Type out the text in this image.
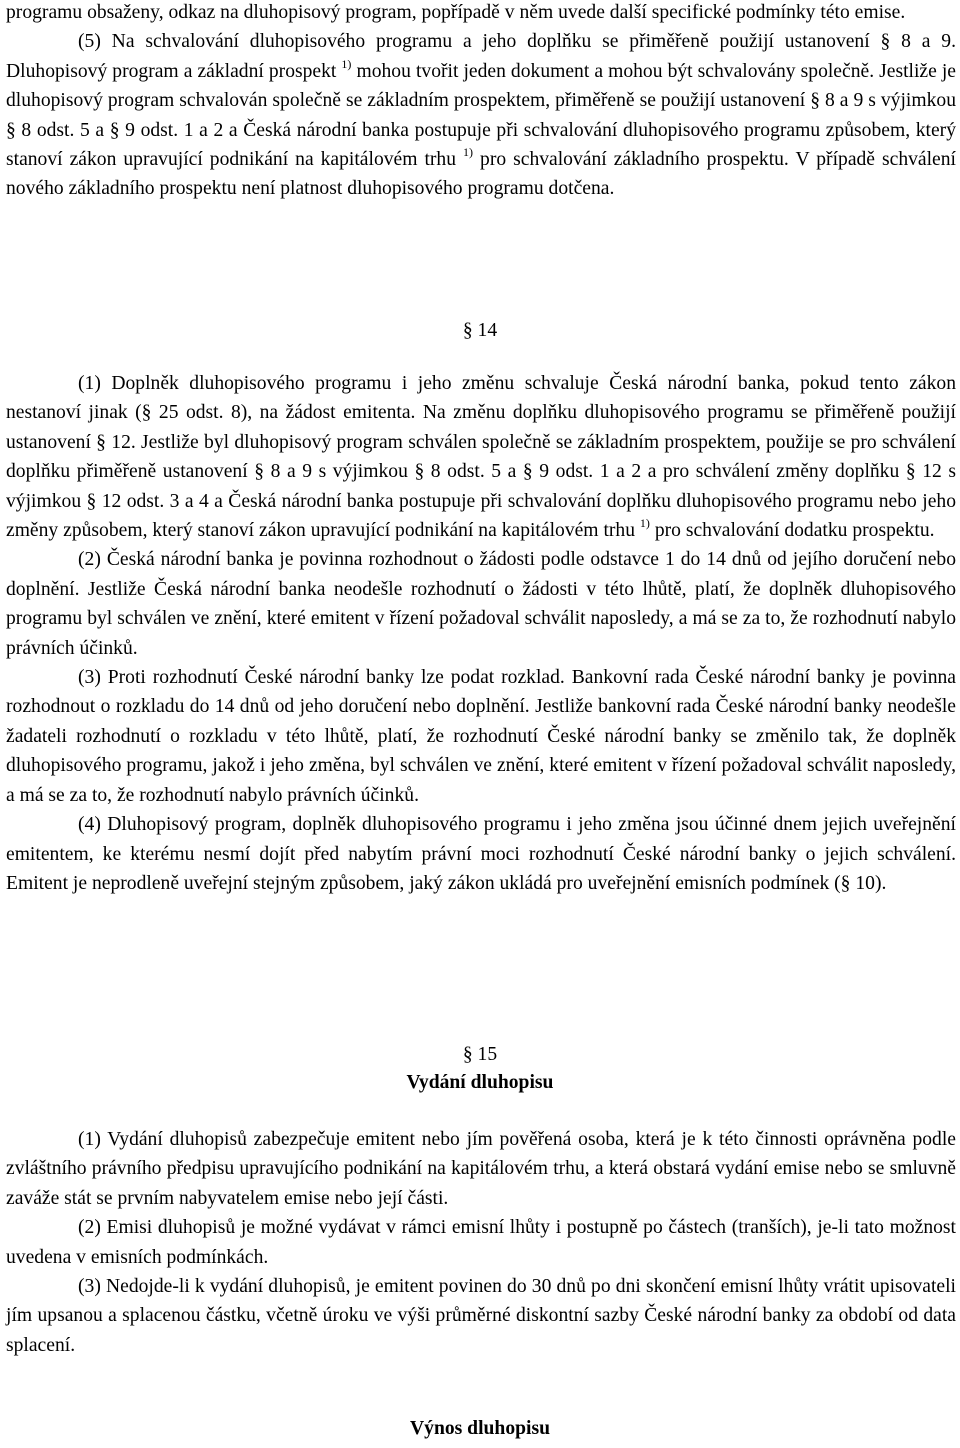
programu obsaženy, odkaz na dluhopisový program, popřípadě v něm uvede další specifické podmínky této emise.

(5) Na schvalování dluhopisového programu a jeho doplňku se přiměřeně použijí ustanovení § 8 a 9. Dluhopisový program a základní prospekt $^{1)}$ mohou tvořit jeden dokument a mohou být schvalovány společně. Jestliže je dluhopisový program schvalován společně se základním prospektem, přiměřeně se použijí ustanovení § 8 a 9 s výjimkou § 8 odst. 5 a § 9 odst. 1 a 2 a Česká národní banka postupuje při schvalování dluhopisového programu způsobem, který stanoví zákon upravující podnikání na kapitálovém trhu $^{1)}$ pro schvalování základního prospektu. V případě schválení nového základního prospektu není platnost dluhopisového programu dotčena.

§ 14

(1) Doplněk dluhopisového programu i jeho změnu schvaluje Česká národní banka, pokud tento zákon nestanoví jinak (§ 25 odst. 8), na žádost emitenta. Na změnu doplňku dluhopisového programu se přiměřeně použijí ustanovení § 12. Jestliže byl dluhopisový program schválen společně se základním prospektem, použije se pro schválení doplňku přiměřeně ustanovení § 8 a 9 s výjimkou § 8 odst. 5 a § 9 odst. 1 a 2 a pro schválení změny doplňku § 12 s výjimkou § 12 odst. 3 a 4 a Česká národní banka postupuje při schvalování doplňku dluhopisového programu nebo jeho změny způsobem, který stanoví zákon upravující podnikání na kapitálovém trhu $^{1)}$ pro schvalování dodatku prospektu.

(2) Česká národní banka je povinna rozhodnout o žádosti podle odstavce 1 do 14 dnů od jejího doručení nebo doplnění. Jestliže Česká národní banka neodešle rozhodnutí o žádosti v této lhůtě, platí, že doplněk dluhopisového programu byl schválen ve znění, které emitent v řízení požadoval schválit naposledy, a má se za to, že rozhodnutí nabylo právních účinků.

(3) Proti rozhodnutí České národní banky lze podat rozklad. Bankovní rada České národní banky je povinna rozhodnout o rozkladu do 14 dnů od jeho doručení nebo doplnění. Jestliže bankovní rada České národní banky neodešle žadateli rozhodnutí o rozkladu v této lhůtě, platí, že rozhodnutí České národní banky se změnilo tak, že doplněk dluhopisového programu, jakož i jeho změna, byl schválen ve znění, které emitent v řízení požadoval schválit naposledy, a má se za to, že rozhodnutí nabylo právních účinků.

(4) Dluhopisový program, doplněk dluhopisového programu i jeho změna jsou účinné dnem jejich uveřejnění emitentem, ke kterému nesmí dojít před nabytím právní moci rozhodnutí České národní banky o jejich schválení. Emitent je neprodleně uveřejní stejným způsobem, jaký zákon ukládá pro uveřejnění emisních podmínek (§ 10).

§ 15

Vydání dluhopisu

(1) Vydání dluhopisů zabezpečuje emitent nebo jím pověřená osoba, která je k této činnosti oprávněna podle zvláštního právního předpisu upravujícího podnikání na kapitálovém trhu, a která obstará vydání emise nebo se smluvně zaváže stát se prvním nabyvatelem emise nebo její části.

(2) Emisi dluhopisů je možné vydávat v rámci emisní lhůty i postupně po částech (tranších), je-li tato možnost uvedena v emisních podmínkách.

(3) Nedojde-li k vydání dluhopisů, je emitent povinen do 30 dnů po dni skončení emisní lhůty vrátit upisovateli jím upsanou a splacenou částku, včetně úroku ve výši průměrné diskontní sazby České národní banky za období od data splacení.

Výnos dluhopisu
